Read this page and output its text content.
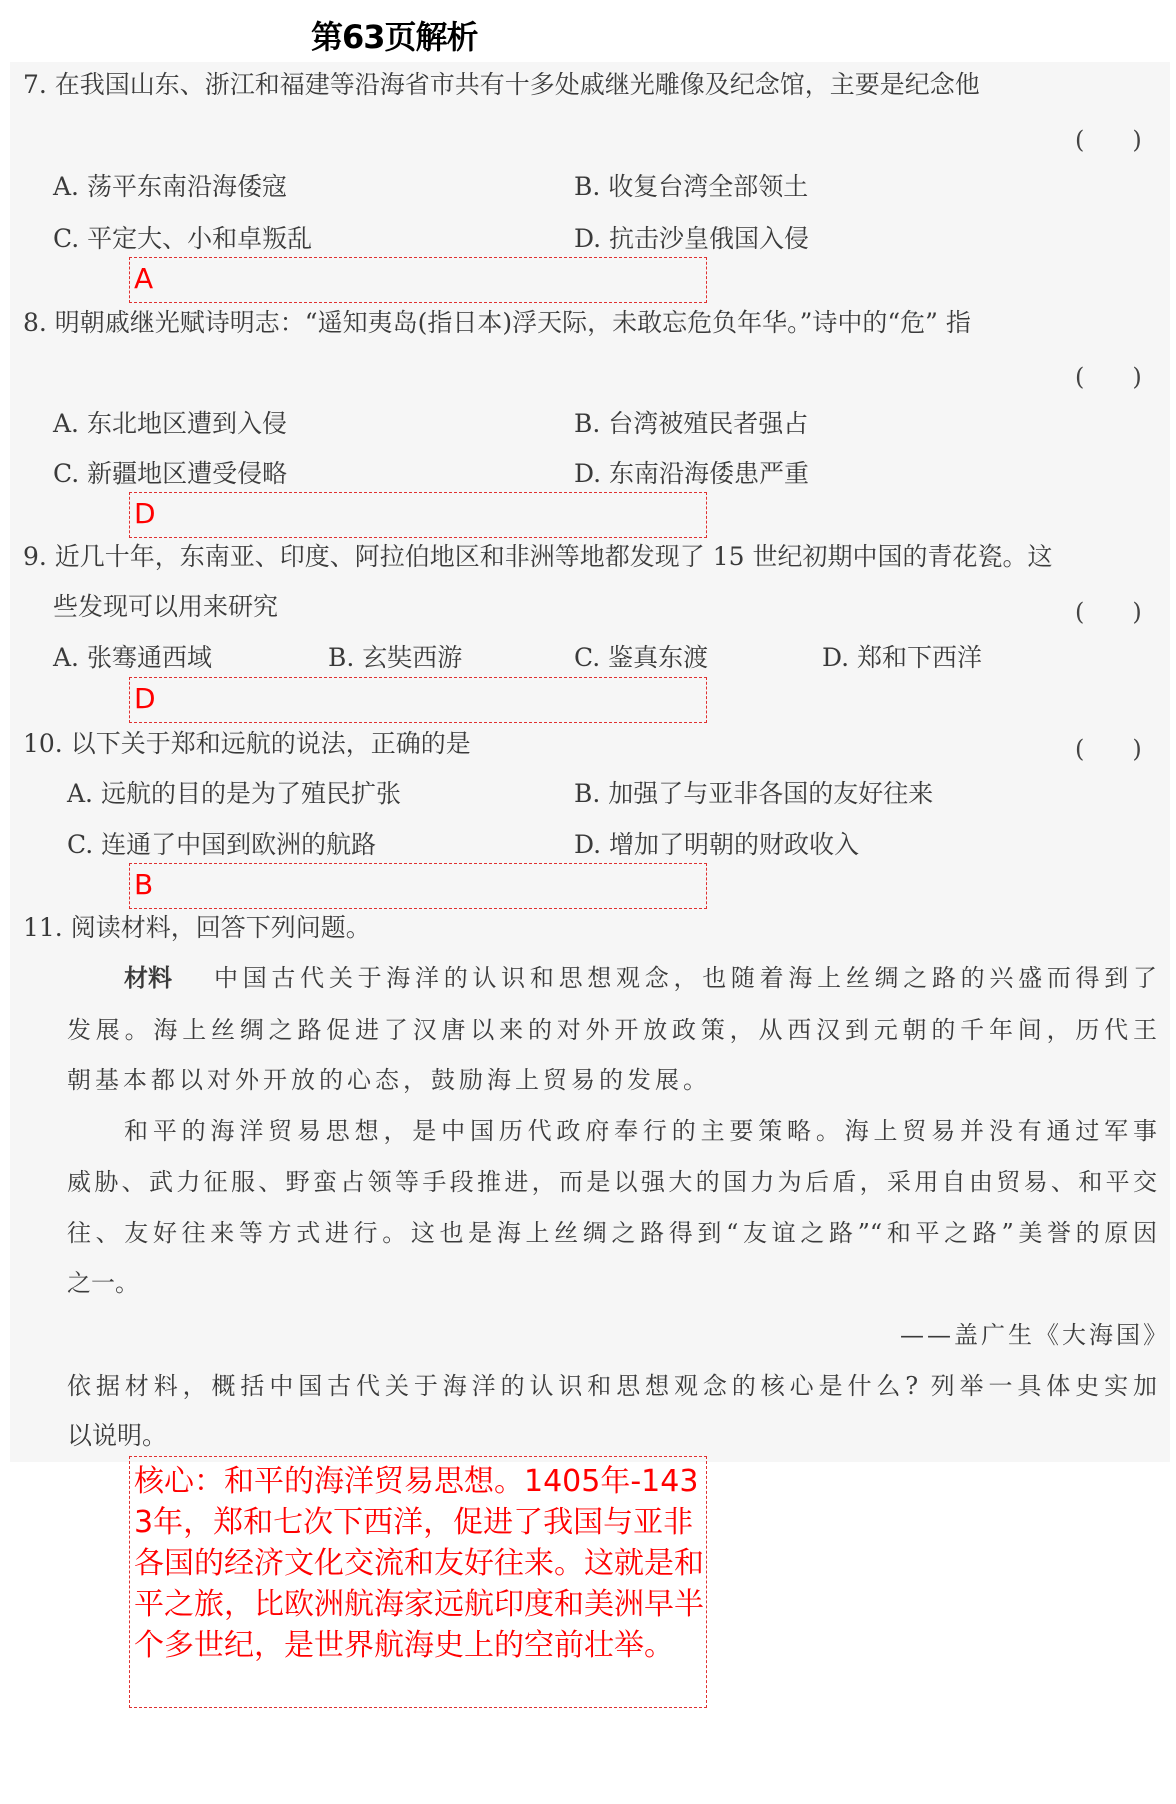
第63页解析
7. 在我国山东、浙江和福建等沿海省市共有十多处戚继光雕像及纪念馆，主要是纪念他
(　　)
A. 荡平东南沿海倭寇	B. 收复台湾全部领土
C. 平定大、小和卓叛乱	D. 抗击沙皇俄国入侵
A
8. 明朝戚继光赋诗明志：“遥知夷岛(指日本)浮天际，未敢忘危负年华。”诗中的“危” 指
(　　)
A. 东北地区遭到入侵	B. 台湾被殖民者强占
C. 新疆地区遭受侵略	D. 东南沿海倭患严重
D
9. 近几十年，东南亚、印度、阿拉伯地区和非洲等地都发现了 15 世纪初期中国的青花瓷。这
些发现可以用来研究	(　　)
A. 张骞通西域	B. 玄奘西游	C. 鉴真东渡	D. 郑和下西洋
D
10. 以下关于郑和远航的说法，正确的是	(　　)
A. 远航的目的是为了殖民扩张	B. 加强了与亚非各国的友好往来
C. 连通了中国到欧洲的航路	D. 增加了明朝的财政收入
B
11. 阅读材料，回答下列问题。
材料 中国古代关于海洋的认识和思想观念，也随着海上丝绸之路的兴盛而得到了
发展。海上丝绸之路促进了汉唐以来的对外开放政策，从西汉到元朝的千年间，历代王
朝基本都以对外开放的心态，鼓励海上贸易的发展。
和平的海洋贸易思想，是中国历代政府奉行的主要策略。海上贸易并没有通过军事
威胁、武力征服、野蛮占领等手段推进，而是以强大的国力为后盾，采用自由贸易、和平交
往、友好往来等方式进行。这也是海上丝绸之路得到“友谊之路”“和平之路”美誉的原因
之一。
——盖广生《大海国》
依据材料，概括中国古代关于海洋的认识和思想观念的核心是什么? 列举一具体史实加
以说明。
核心：和平的海洋贸易思想。1405年-1433年，郑和七次下西洋，促进了我国与亚非各国的经济文化交流和友好往来。这就是和平之旅，比欧洲航海家远航印度和美洲早半个多世纪，是世界航海史上的空前壮举。
